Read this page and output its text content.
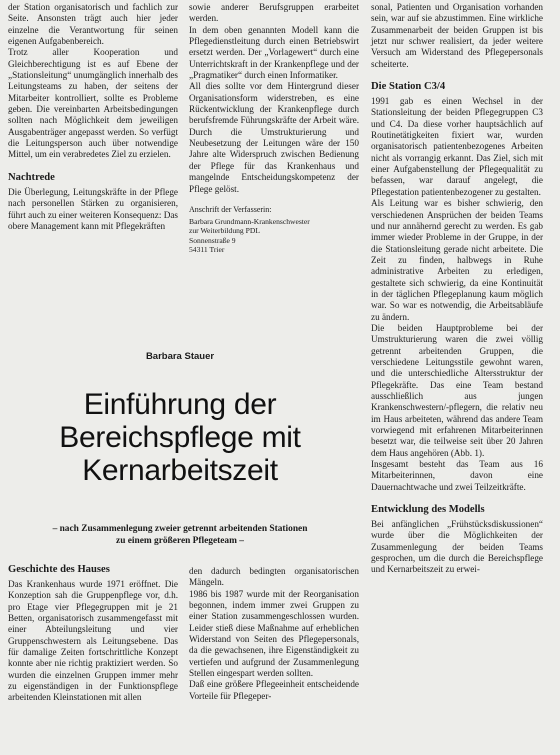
der Station organisatorisch und fachlich zur Seite. Ansonsten trägt auch hier jeder einzelne die Verantwortung für seinen eigenen Aufgabenbereich.

Trotz aller Kooperation und Gleichberechtigung ist es auf Ebene der „Stationsleitung“ unumgänglich innerhalb des Leitungsteams zu haben, der seitens der Mitarbeiter kontrolliert, sollte es Probleme geben. Die vereinbarten Arbeitsbedingungen sollten nach Möglichkeit dem jeweiligen Ausgabenträger angepasst werden. So verfügt die Leitungsperson auch über notwendige Mittel, um ein verabredetes Ziel zu erzielen.

Nachtrede

Die Überlegung, Leitungskräfte in der Pflege nach personellen Stärken zu organisieren, führt auch zu einer weiteren Konsequenz: Das obere Management kann mit Pflegekräften

sowie anderer Berufsgruppen erarbeitet werden.

In dem oben genannten Modell kann die Pflegedienstleitung durch einen Betriebswirt ersetzt werden. Der „Vorlagewert“ durch eine Unterrichtskraft in der Krankenpflege und der „Pragmatiker“ durch einen Informatiker.

All dies sollte vor dem Hintergrund dieser Organisationsform widerstreben, es eine Rückentwicklung der Krankenpflege durch berufsfremde Führungskräfte der Arbeit wäre. Durch die Umstrukturierung und Neubesetzung der Leitungen wäre der 150 Jahre alte Widerspruch zwischen Bedienung der Pflege für das Krankenhaus und mangelnde Entscheidungskompetenz der Pflege gelöst.

Anschrift der Verfasserin:
Barbara Grundmann-Krankenschwester
zur Weiterbildung PDL
Sonnenstraße 9
54311 Trier

sonal, Patienten und Organisation vorhanden sein, war auf sie abzustimmen. Eine wirkliche Zusammenarbeit der beiden Gruppen ist bis jetzt nur schwer realisiert, da jeder weitere Versuch am Widerstand des Pflegepersonals scheiterte.

Die Station C3/4

1991 gab es einen Wechsel in der Stationsleitung der beiden Pflegegruppen C3 und C4. Da diese vorher hauptsächlich auf Routinetätigkeiten fixiert war, wurden organisatorisch patientenbezogenes Arbeiten nicht als vorrangig erkannt. Das Ziel, sich mit einer Aufgabenstellung der Pflegequalität zu befassen, war darauf angelegt, die Pflegestation patientenbezogener zu gestalten.

Als Leitung war es bisher schwierig, den verschiedenen Ansprüchen der beiden Teams und nur annähernd gerecht zu werden. Es gab immer wieder Probleme in der Gruppe, in der die Stationsleitung gerade nicht arbeitete. Die Zeit zu finden, halbwegs in Ruhe administrative Arbeiten zu erledigen, gestaltete sich schwierig, da eine Kontinuität in der täglichen Pflegeplanung kaum möglich war. So war es notwendig, die Arbeitsabläufe zu ändern.

Die beiden Hauptprobleme bei der Umstrukturierung waren die zwei völlig getrennt arbeitenden Gruppen, die verschiedene Leitungsstile gewohnt waren, und die unterschiedliche Altersstruktur der Pflegekräfte. Das eine Team bestand ausschließlich aus jungen Krankenschwestern/-pflegern, die relativ neu im Haus arbeiteten, während das andere Team vorwiegend mit erfahrenen Mitarbeiterinnen besetzt war, die teilweise seit über 20 Jahren dem Haus angehören (Abb. 1).

Insgesamt besteht das Team aus 16 Mitarbeiterinnen, davon eine Dauernachtwache und zwei Teilzeitkräfte.

Entwicklung des Modells

Bei anfänglichen „Frühstücksdiskussionen“ wurde über die Möglichkeiten der Zusammenlegung der beiden Teams gesprochen, um die durch die Bereichspflege und Kernarbeitszeit zu erwei-

Barbara Stauer
Einführung der
Bereichspflege mit
Kernarbeitszeit
– nach Zusammenlegung zweier getrennt arbeitenden Stationen
zu einem größeren Pflegeteam –
Geschichte des Hauses

Das Krankenhaus wurde 1971 eröffnet. Die Konzeption sah die Gruppenpflege vor, d.h. pro Etage vier Pflegegruppen mit je 21 Betten, organisatorisch zusammengefasst mit einer Abteilungsleitung und vier Gruppenschwestern als Leitungsebene. Das für damalige Zeiten fortschrittliche Konzept konnte aber nie richtig praktiziert werden. So wurden die einzelnen Gruppen immer mehr zu eigenständigen in der Funktionspflege arbeitenden Kleinstationen mit allen

den dadurch bedingten organisatorischen Mängeln.

1986 bis 1987 wurde mit der Reorganisation begonnen, indem immer zwei Gruppen zu einer Station zusammengeschlossen wurden. Leider stieß diese Maßnahme auf erheblichen Widerstand von Seiten des Pflegepersonals, da die gewachsenen, ihre Eigenständigkeit zu vertiefen und aufgrund der Zusammenlegung Stellen eingespart werden sollten.

Daß eine größere Pflegeeinheit entscheidende Vorteile für Pflegeper-
